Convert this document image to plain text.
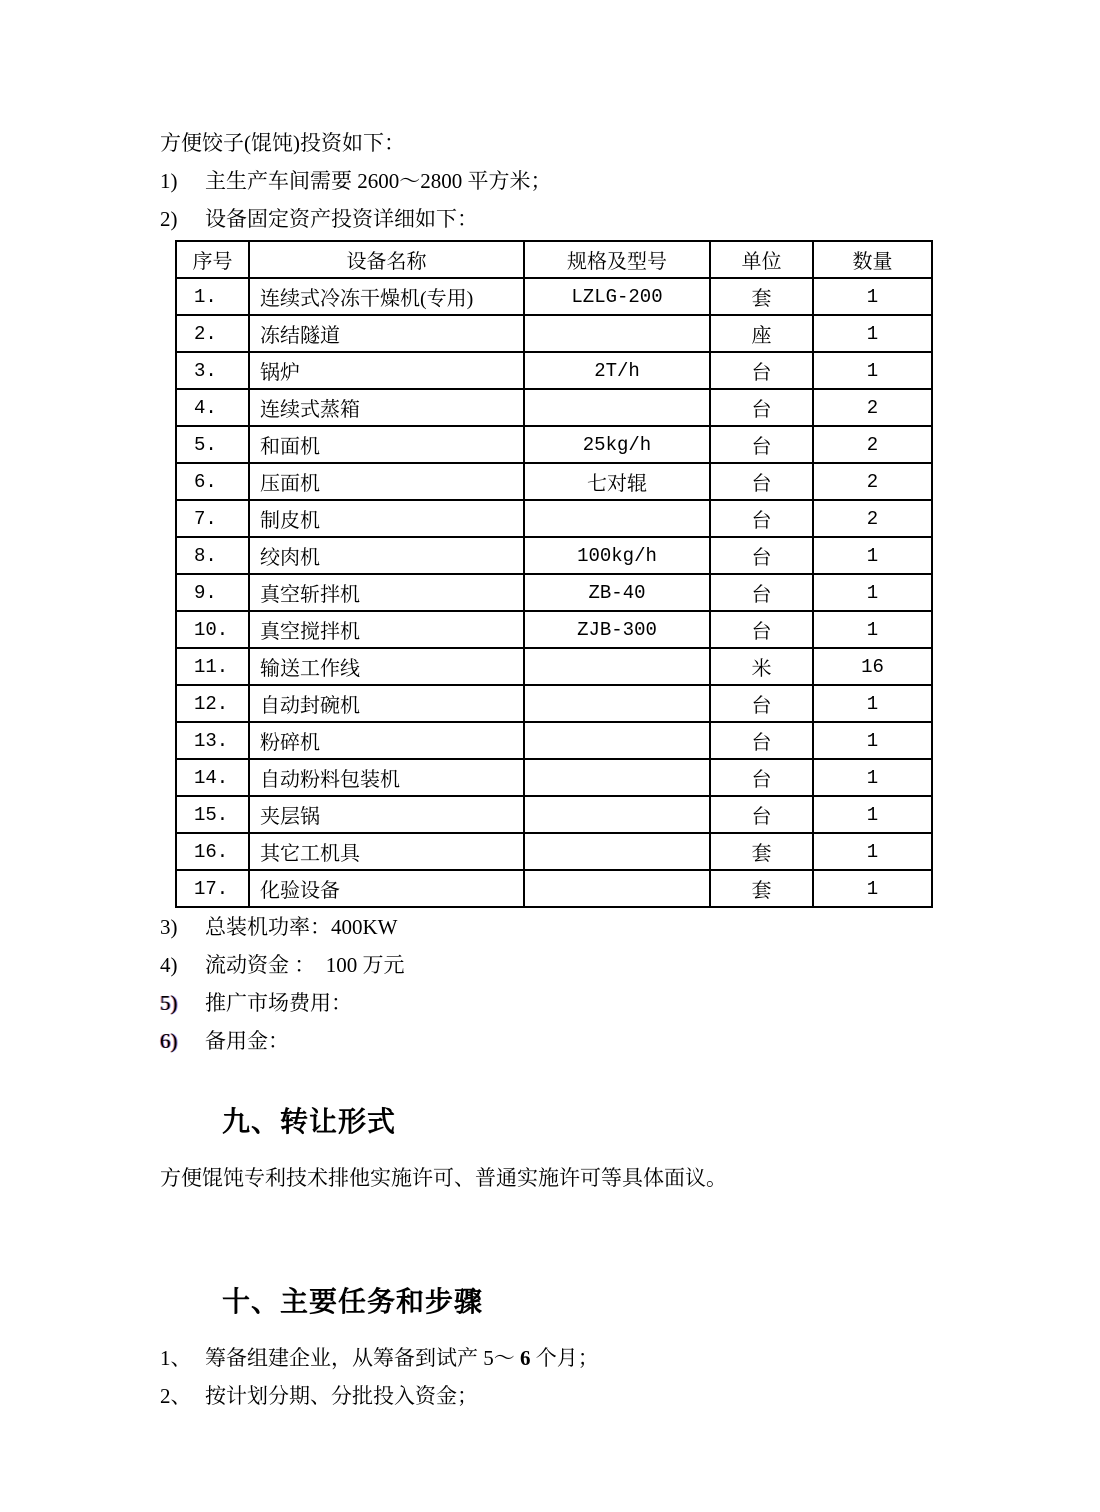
方便饺子(馄饨)投资如下：

1)	主生产车间需要 2600～2800 平方米；
2)	设备固定资产投资详细如下：
序号	设备名称	规格及型号	单位	数量
1.	连续式冷冻干燥机(专用)	LZLG-200	套	1
2.	冻结隧道		座	1
3.	锅炉	2T/h	台	1
4.	连续式蒸箱		台	2
5.	和面机	25kg/h	台	2
6.	压面机	七对辊	台	2
7.	制皮机		台	2
8.	绞肉机	100kg/h	台	1
9.	真空斩拌机	ZB-40	台	1
10.	真空搅拌机	ZJB-300	台	1
11.	输送工作线		米	16
12.	自动封碗机		台	1
13.	粉碎机		台	1
14.	自动粉料包装机		台	1
15.	夹层锅		台	1
16.	其它工机具		套	1
17.	化验设备		套	1
3)	总装机功率：400KW
4)	流动资金 ：  100 万元
5)	推广市场费用：
6)	备用金：
九、转让形式

方便馄饨专利技术排他实施许可、普通实施许可等具体面议。

十、主要任务和步骤
1、 筹备组建企业，从筹备到试产 5～ 6 个月；
2、 按计划分期、分批投入资金；
